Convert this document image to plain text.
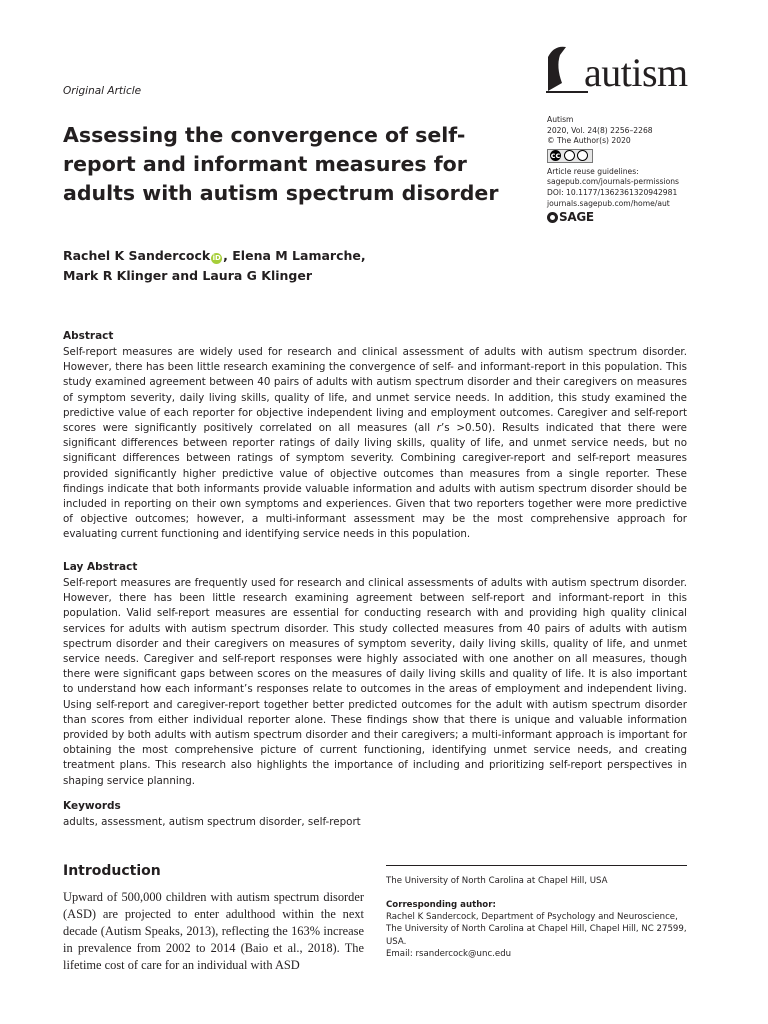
Original Article	autism
Assessing the convergence of self-report and informant measures for adults with autism spectrum disorder
Autism
2020, Vol. 24(8) 2256–2268
© The Author(s) 2020
cc
Article reuse guidelines:
sagepub.com/journals-permissions
DOI: 10.1177/1362361320942981
journals.sagepub.com/home/aut
SAGE
Rachel K Sandercock iD , Elena M Lamarche,
Mark R Klinger and Laura G Klinger
Abstract
Self-report measures are widely used for research and clinical assessment of adults with autism spectrum disorder. However, there has been little research examining the convergence of self- and informant-report in this population. This study examined agreement between 40 pairs of adults with autism spectrum disorder and their caregivers on measures of symptom severity, daily living skills, quality of life, and unmet service needs. In addition, this study examined the predictive value of each reporter for objective independent living and employment outcomes. Caregiver and self-report scores were significantly positively correlated on all measures (all r’s >0.50). Results indicated that there were significant differences between reporter ratings of daily living skills, quality of life, and unmet service needs, but no significant differences between ratings of symptom severity. Combining caregiver-report and self-report measures provided significantly higher predictive value of objective outcomes than measures from a single reporter. These findings indicate that both informants provide valuable information and adults with autism spectrum disorder should be included in reporting on their own symptoms and experiences. Given that two reporters together were more predictive of objective outcomes; however, a multi-informant assessment may be the most comprehensive approach for evaluating current functioning and identifying service needs in this population.
Lay Abstract
Self-report measures are frequently used for research and clinical assessments of adults with autism spectrum disorder. However, there has been little research examining agreement between self-report and informant-report in this population. Valid self-report measures are essential for conducting research with and providing high quality clinical services for adults with autism spectrum disorder. This study collected measures from 40 pairs of adults with autism spectrum disorder and their caregivers on measures of symptom severity, daily living skills, quality of life, and unmet service needs. Caregiver and self-report responses were highly associated with one another on all measures, though there were significant gaps between scores on the measures of daily living skills and quality of life. It is also important to understand how each informant’s responses relate to outcomes in the areas of employment and independent living. Using self-report and caregiver-report together better predicted outcomes for the adult with autism spectrum disorder than scores from either individual reporter alone. These findings show that there is unique and valuable information provided by both adults with autism spectrum disorder and their caregivers; a multi-informant approach is important for obtaining the most comprehensive picture of current functioning, identifying unmet service needs, and creating treatment plans. This research also highlights the importance of including and prioritizing self-report perspectives in shaping service planning.
Keywords
adults, assessment, autism spectrum disorder, self-report
Introduction
Upward of 500,000 children with autism spectrum disorder (ASD) are projected to enter adulthood within the next decade (Autism Speaks, 2013), reflecting the 163% increase in prevalence from 2002 to 2014 (Baio et al., 2018). The lifetime cost of care for an individual with ASD
The University of North Carolina at Chapel Hill, USA
Corresponding author:
Rachel K Sandercock, Department of Psychology and Neuroscience, The University of North Carolina at Chapel Hill, Chapel Hill, NC 27599, USA.
Email: rsandercock@unc.edu
